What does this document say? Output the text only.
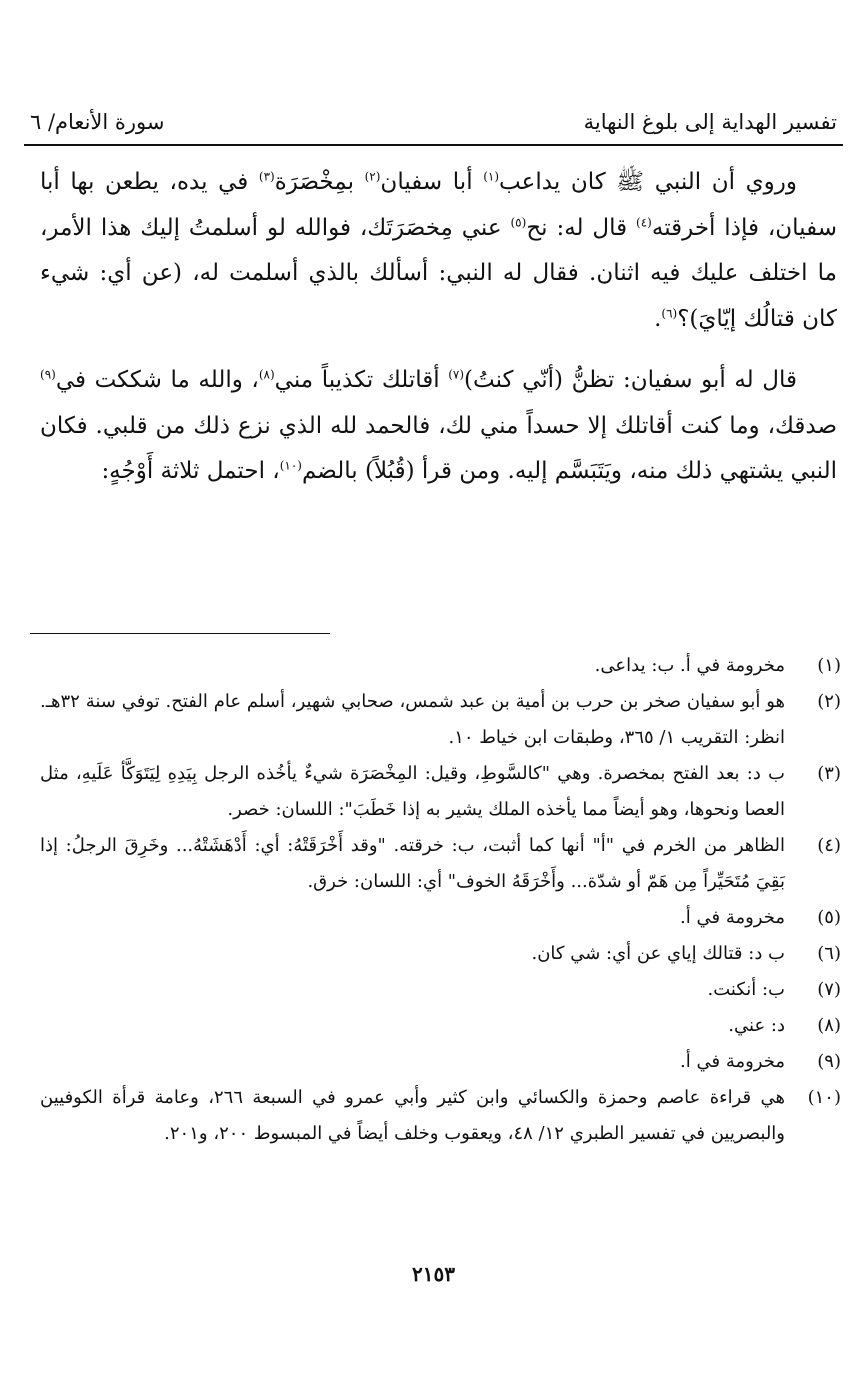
تفسير الهداية إلى بلوغ النهاية
سورة الأنعام/ ٦

وروي أن النبي ﷺ كان يداعب$^{(١)}$ أبا سفيان$^{(٢)}$ بمِخْصَرَة$^{(٣)}$ في يده، يطعن بها أبا سفيان، فإذا أخرقته$^{(٤)}$ قال له: نح$^{(٥)}$ عني مِخصَرَتَك، فوالله لو أسلمتُ إليك هذا الأمر، ما اختلف عليك فيه اثنان. فقال له النبي: أسألك بالذي أسلمت له، (عن أي: شيء كان قتالُك إيّايَ)؟$^{(٦)}$.

قال له أبو سفيان: تظنُّ (أنّي كنتُ)$^{(٧)}$ أقاتلك تكذيباً مني$^{(٨)}$، والله ما شككت في$^{(٩)}$ صدقك، وما كنت أقاتلك إلا حسداً مني لك، فالحمد لله الذي نزع ذلك من قلبي. فكان النبي يشتهي ذلك منه، ويَتَبَسَّم إليه. ومن قرأ (قُبُلاً) بالضم$^{(١٠)}$، احتمل ثلاثة أَوْجُهٍ:

(١)
مخرومة في أ. ب: يداعى.
(٢)
هو أبو سفيان صخر بن حرب بن أمية بن عبد شمس، صحابي شهير، أسلم عام الفتح. توفي سنة ٣٢هـ. انظر: التقريب ١/ ٣٦٥، وطبقات ابن خياط ١٠.
(٣)
ب د: بعد الفتح بمخصرة. وهي "كالسَّوطِ، وقيل: المِخْصَرَة شيءٌ يأخُذه الرجل بِيَدِهِ لِيَتَوَكَّأ عَلَيهِ، مثل العصا ونحوها، وهو أيضاً مما يأخذه الملك يشير به إذا خَطَبَ": اللسان: خصر.
(٤)
الظاهر من الخرم في "أ" أنها كما أثبت، ب: خرقته. "وقد أَخْرَقَتْهُ: أي: أَدْهَشَتْهُ... وخَرِقَ الرجلُ: إذا بَقِيَ مُتَحَيِّراً مِن هَمّ أو شدّة... وأَخْرَقَهُ الخوف" أي: اللسان: خرق.
(٥)
مخرومة في أ.
(٦)
ب د: قتالك إياي عن أي: شي كان.
(٧)
ب: أنكنت.
(٨)
د: عني.
(٩)
مخرومة في أ.
(١٠)
هي قراءة عاصم وحمزة والكسائي وابن كثير وأبي عمرو في السبعة ٢٦٦، وعامة قرأة الكوفيين والبصريين في تفسير الطبري ١٢/ ٤٨، ويعقوب وخلف أيضاً في المبسوط ٢٠٠، و٢٠١.
٢١٥٣
